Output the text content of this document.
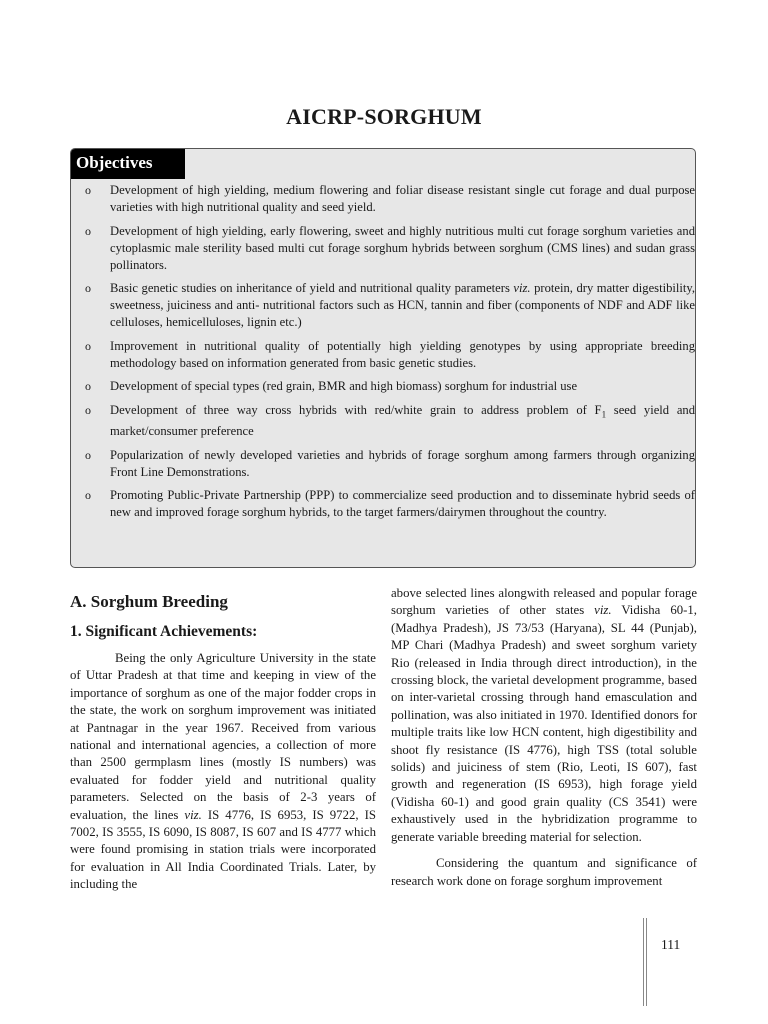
AICRP-SORGHUM
Objectives
o Development of high yielding, medium flowering and foliar disease resistant single cut forage and dual purpose varieties with high nutritional quality and seed yield.
o Development of high yielding, early flowering, sweet and highly nutritious multi cut forage sorghum varieties and cytoplasmic male sterility based multi cut forage sorghum hybrids between sorghum (CMS lines) and sudan grass pollinators.
o Basic genetic studies on inheritance of yield and nutritional quality parameters viz. protein, dry matter digestibility, sweetness, juiciness and anti- nutritional factors such as HCN, tannin and fiber (components of NDF and ADF like celluloses, hemicelluloses, lignin etc.)
o Improvement in nutritional quality of potentially high yielding genotypes by using appropriate breeding methodology based on information generated from basic genetic studies.
o Development of special types (red grain, BMR and high biomass) sorghum for industrial use
o Development of three way cross hybrids with red/white grain to address problem of $F_1$ seed yield and market/consumer preference
o Popularization of newly developed varieties and hybrids of forage sorghum among farmers through organizing Front Line Demonstrations.
o Promoting Public-Private Partnership (PPP) to commercialize seed production and to disseminate hybrid seeds of new and improved forage sorghum hybrids, to the target farmers/dairymen throughout the country.
A. Sorghum Breeding
1. Significant Achievements:

Being the only Agriculture University in the state of Uttar Pradesh at that time and keeping in view of the importance of sorghum as one of the major fodder crops in the state, the work on sorghum improvement was initiated at Pantnagar in the year 1967. Received from various national and international agencies, a collection of more than 2500 germplasm lines (mostly IS numbers) was evaluated for fodder yield and nutritional quality parameters. Selected on the basis of 2-3 years of evaluation, the lines viz. IS 4776, IS 6953, IS 9722, IS 7002, IS 3555, IS 6090, IS 8087, IS 607 and IS 4777 which were found promising in station trials were incorporated for evaluation in All India Coordinated Trials. Later, by including the

above selected lines alongwith released and popular forage sorghum varieties of other states viz. Vidisha 60-1, (Madhya Pradesh), JS 73/53 (Haryana), SL 44 (Punjab), MP Chari (Madhya Pradesh) and sweet sorghum variety Rio (released in India through direct introduction), in the crossing block, the varietal development programme, based on inter-varietal crossing through hand emasculation and pollination, was also initiated in 1970. Identified donors for multiple traits like low HCN content, high digestibility and shoot fly resistance (IS 4776), high TSS (total soluble solids) and juiciness of stem (Rio, Leoti, IS 607), fast growth and regeneration (IS 6953), high forage yield (Vidisha 60-1) and good grain quality (CS 3541) were exhaustively used in the hybridization programme to generate variable breeding material for selection.

Considering the quantum and significance of research work done on forage sorghum improvement

111
